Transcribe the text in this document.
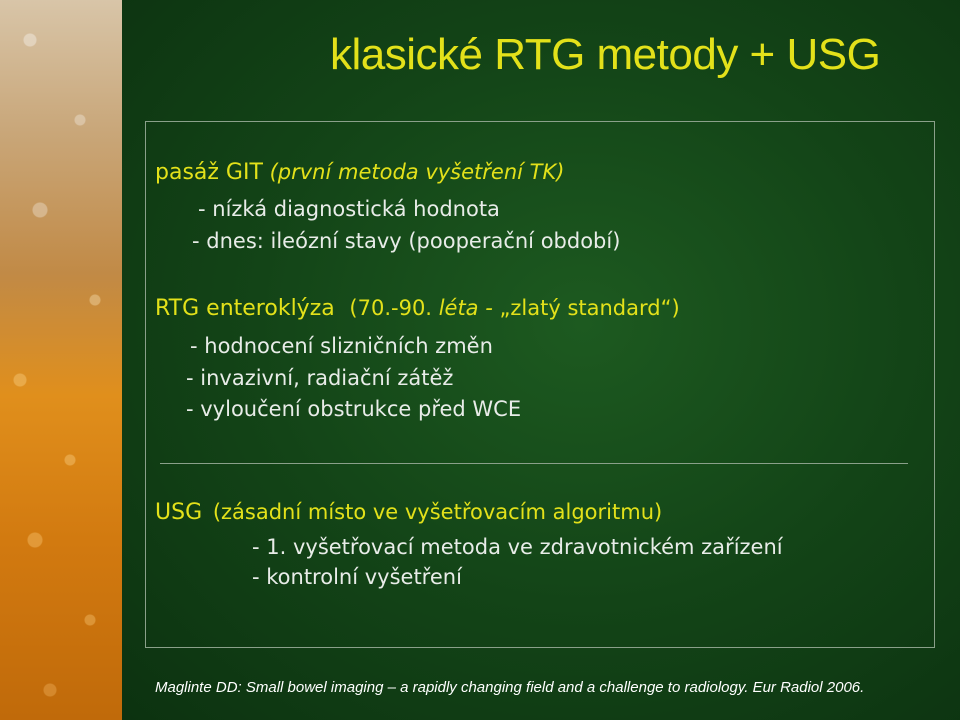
klasické RTG metody + USG
pasáž GIT (první metoda vyšetření TK)
- nízká diagnostická hodnota
- dnes: ileózní stavy (pooperační období)
RTG enteroklýza (70.-90. léta - „zlatý standard“)
- hodnocení slizničních změn
- invazivní, radiační zátěž
- vyloučení obstrukce před WCE
USG (zásadní místo ve vyšetřovacím algoritmu)
- 1. vyšetřovací metoda ve zdravotnickém zařízení
- kontrolní vyšetření
Maglinte DD: Small bowel imaging – a rapidly changing field and a challenge to radiology. Eur Radiol 2006.
